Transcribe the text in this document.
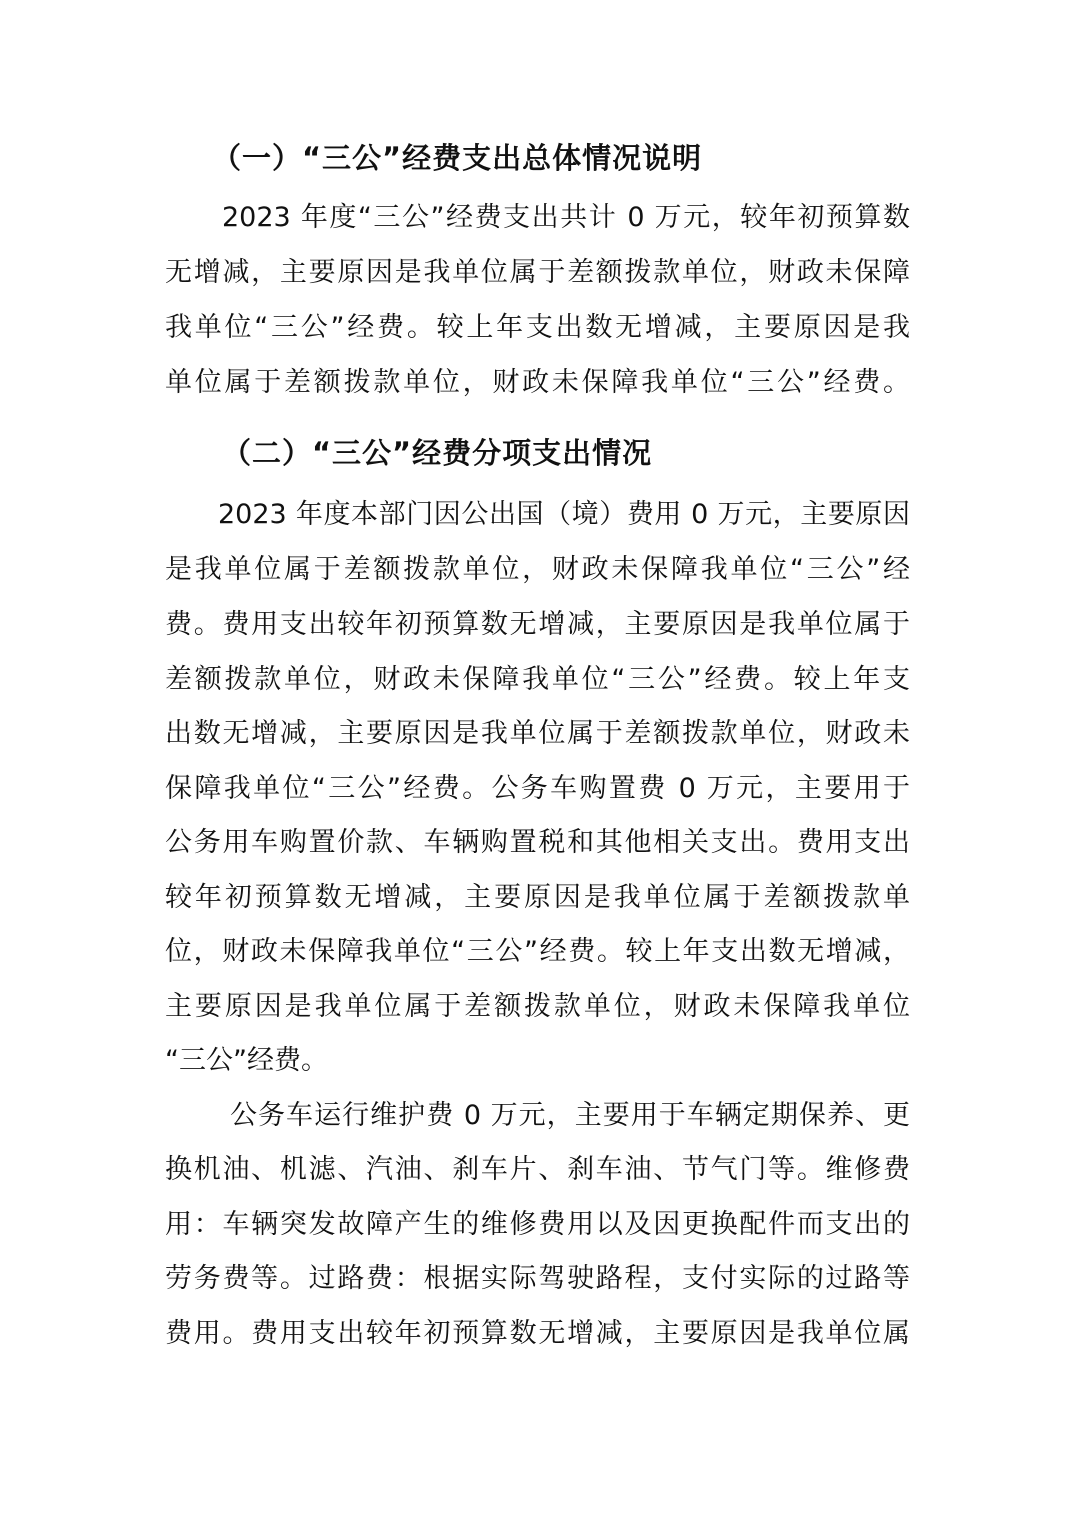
（一）“三公”经费支出总体情况说明
2023 年度“三公”经费支出共计 0 万元，较年初预算数
无增减，主要原因是我单位属于差额拨款单位，财政未保障
我单位“三公”经费。较上年支出数无增减，主要原因是我
单位属于差额拨款单位，财政未保障我单位“三公”经费。
（二）“三公”经费分项支出情况
2023 年度本部门因公出国（境）费用 0 万元，主要原因
是我单位属于差额拨款单位，财政未保障我单位“三公”经
费。费用支出较年初预算数无增减，主要原因是我单位属于
差额拨款单位，财政未保障我单位“三公”经费。较上年支
出数无增减，主要原因是我单位属于差额拨款单位，财政未
保障我单位“三公”经费。公务车购置费 0 万元，主要用于
公务用车购置价款、车辆购置税和其他相关支出。费用支出
较年初预算数无增减，主要原因是我单位属于差额拨款单
位，财政未保障我单位“三公”经费。较上年支出数无增减，
主要原因是我单位属于差额拨款单位，财政未保障我单位
“三公”经费。
公务车运行维护费 0 万元，主要用于车辆定期保养、更
换机油、机滤、汽油、刹车片、刹车油、节气门等。维修费
用：车辆突发故障产生的维修费用以及因更换配件而支出的
劳务费等。过路费：根据实际驾驶路程，支付实际的过路等
费用。费用支出较年初预算数无增减，主要原因是我单位属
